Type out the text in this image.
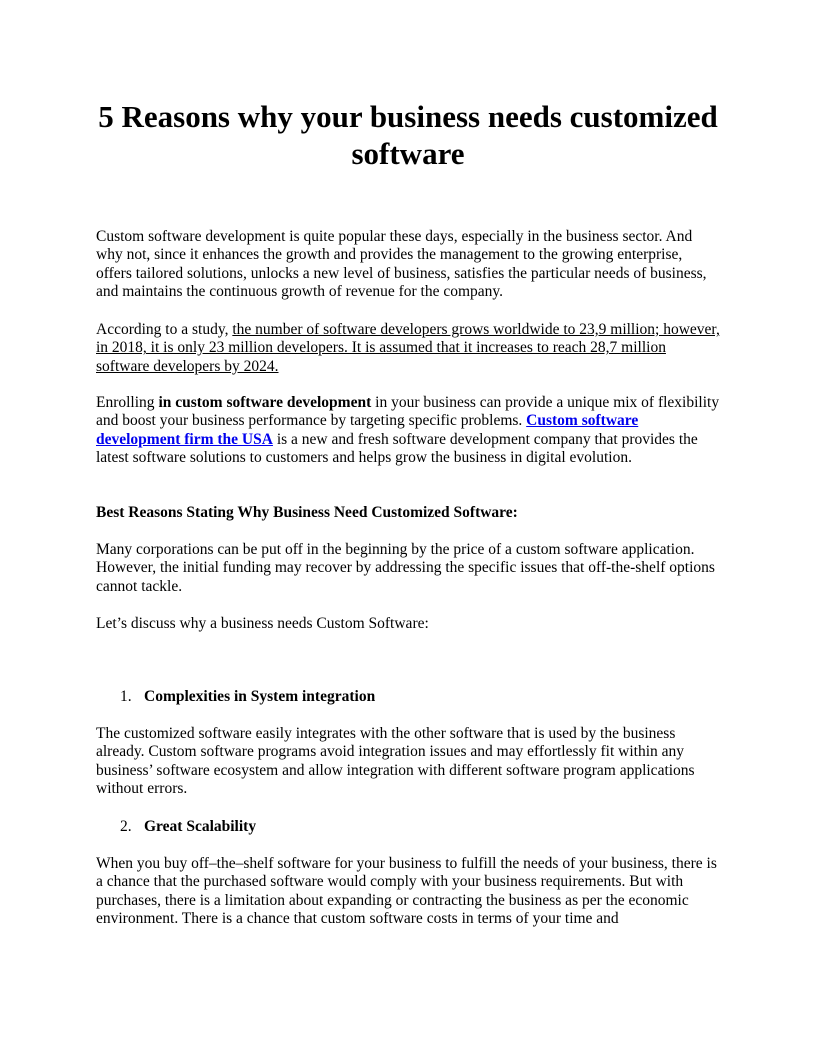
5 Reasons why your business needs customized software

Custom software development is quite popular these days, especially in the business sector. And why not, since it enhances the growth and provides the management to the growing enterprise, offers tailored solutions, unlocks a new level of business, satisfies the particular needs of business, and maintains the continuous growth of revenue for the company.

According to a study, the number of software developers grows worldwide to 23,9 million; however, in 2018, it is only 23 million developers. It is assumed that it increases to reach 28,7 million software developers by 2024.

Enrolling in custom software development in your business can provide a unique mix of flexibility and boost your business performance by targeting specific problems. Custom software development firm the USA is a new and fresh software development company that provides the latest software solutions to customers and helps grow the business in digital evolution.

Best Reasons Stating Why Business Need Customized Software:

Many corporations can be put off in the beginning by the price of a custom software application. However, the initial funding may recover by addressing the specific issues that off-the-shelf options cannot tackle.

Let’s discuss why a business needs Custom Software:

1. Complexities in System integration

The customized software easily integrates with the other software that is used by the business already. Custom software programs avoid integration issues and may effortlessly fit within any business’ software ecosystem and allow integration with different software program applications without errors.

2. Great Scalability

When you buy off–the–shelf software for your business to fulfill the needs of your business, there is a chance that the purchased software would comply with your business requirements. But with purchases, there is a limitation about expanding or contracting the business as per the economic environment. There is a chance that custom software costs in terms of your time and
